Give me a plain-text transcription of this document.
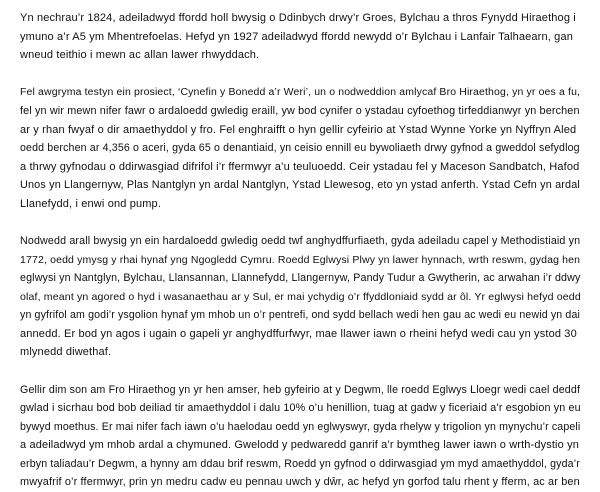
Yn nechrau’r 1824, adeiladwyd ffordd holl bwysig o Ddinbych drwy’r Groes, Bylchau a thros Fynydd Hiraethog i
ymuno a’r A5 ym Mhentrefoelas. Hefyd yn 1927 adeiladwyd ffordd newydd o’r Bylchau i Lanfair Talhaearn, gan
wneud teithio i mewn ac allan lawer rhwyddach.
Fel awgryma testyn ein prosiect, ‘Cynefin y Bonedd a’r Weri’, un o nodweddion amlycaf Bro Hiraethog, yn yr oes a fu,
fel yn wir mewn nifer fawr o ardaloedd gwledig eraill, yw bod cynifer o ystadau cyfoethog tirfeddianwyr yn berchen
ar y rhan fwyaf o dir amaethyddol y fro. Fel enghraifft o hyn gellir cyfeirio at Ystad Wynne Yorke yn Nyffryn Aled
oedd berchen ar 4,356 o aceri, gyda 65 o denantiaid, yn ceisio ennill eu bywoliaeth drwy gyfnod a gweddol sefydlog
a thrwy gyfnodau o ddirwasgiad difrifol i’r ffermwyr a’u teuluoedd. Ceir ystadau fel y Maceson Sandbatch, Hafod
Unos yn Llangernyw, Plas Nantglyn yn ardal Nantglyn, Ystad Llewesog, eto yn ystad anferth. Ystad Cefn yn ardal
Llanefydd, i enwi ond pump.
Nodwedd arall bwysig yn ein hardaloedd gwledig oedd twf anghydffurfiaeth, gyda adeiladu capel y Methodistiaid yn
1772, oedd ymysg y rhai hynaf yng Ngogledd Cymru. Roedd Eglwysi Plwy yn lawer hynnach, wrth reswm, gydag hen
eglwysi yn Nantglyn, Bylchau, Llansannan, Llannefydd, Llangernyw, Pandy Tudur a Gwytherin, ac arwahan i’r ddwy
olaf, meant yn agored o hyd i wasanaethau ar y Sul, er mai ychydig o’r ffyddloniaid sydd ar ôl. Yr eglwysi hefyd oedd
yn gyfrifol am godi’r ysgolion hynaf ym mhob un o’r pentrefi, ond sydd bellach wedi hen gau ac wedi eu newid yn dai
annedd. Er bod yn agos i ugain o gapeli yr anghydffurfwyr, mae llawer iawn o rheini hefyd wedi cau yn ystod 30
mlynedd diwethaf.
Gellir dim son am Fro Hiraethog yn yr hen amser, heb gyfeirio at y Degwm, lle roedd Eglwys Lloegr wedi cael deddf
gwlad i sicrhau bod bob deiliad tir amaethyddol i dalu 10% o’u henillion, tuag at gadw y ficeriaid a’r esgobion yn eu
bywyd moethus. Er mai nifer fach iawn o’u haelodau oedd yn eglwyswyr, gyda rhelyw y trigolion yn mynychu’r capeli
a adeiladwyd ym mhob ardal a chymuned. Gwelodd y pedwaredd ganrif a’r bymtheg lawer iawn o wrth-dystio yn
erbyn taliadau’r Degwm, a hynny am ddau brif reswm, Roedd yn gyfnod o ddirwasgiad ym myd amaethyddol, gyda’r
mwyafrif o’r ffermwyr, prin yn medru cadw eu pennau uwch y dŵr, ac hefyd yn gorfod talu rhent y fferm, ac ar ben
